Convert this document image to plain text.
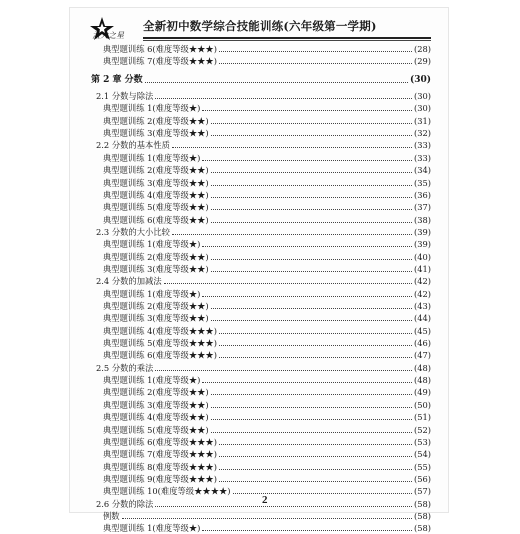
孟大之星
全新初中数学综合技能训练(六年级第一学期)
典型题训练 6(难度等级★★★)	(28)
典型题训练 7(难度等级★★★)	(29)
第 2 章 分数	(30)
2.1 分数与除法	(30)
典型题训练 1(难度等级★)	(30)
典型题训练 2(难度等级★★)	(31)
典型题训练 3(难度等级★★)	(32)
2.2 分数的基本性质	(33)
典型题训练 1(难度等级★)	(33)
典型题训练 2(难度等级★★)	(34)
典型题训练 3(难度等级★★)	(35)
典型题训练 4(难度等级★★)	(36)
典型题训练 5(难度等级★★)	(37)
典型题训练 6(难度等级★★)	(38)
2.3 分数的大小比较	(39)
典型题训练 1(难度等级★)	(39)
典型题训练 2(难度等级★★)	(40)
典型题训练 3(难度等级★★)	(41)
2.4 分数的加减法	(42)
典型题训练 1(难度等级★)	(42)
典型题训练 2(难度等级★★)	(43)
典型题训练 3(难度等级★★)	(44)
典型题训练 4(难度等级★★★)	(45)
典型题训练 5(难度等级★★★)	(46)
典型题训练 6(难度等级★★★)	(47)
2.5 分数的乘法	(48)
典型题训练 1(难度等级★)	(48)
典型题训练 2(难度等级★★)	(49)
典型题训练 3(难度等级★★)	(50)
典型题训练 4(难度等级★★)	(51)
典型题训练 5(难度等级★★)	(52)
典型题训练 6(难度等级★★★)	(53)
典型题训练 7(难度等级★★★)	(54)
典型题训练 8(难度等级★★★)	(55)
典型题训练 9(难度等级★★★)	(56)
典型题训练 10(难度等级★★★★)	(57)
2.6 分数的除法	(58)
例数	(58)
典型题训练 1(难度等级★)	(58)
2
